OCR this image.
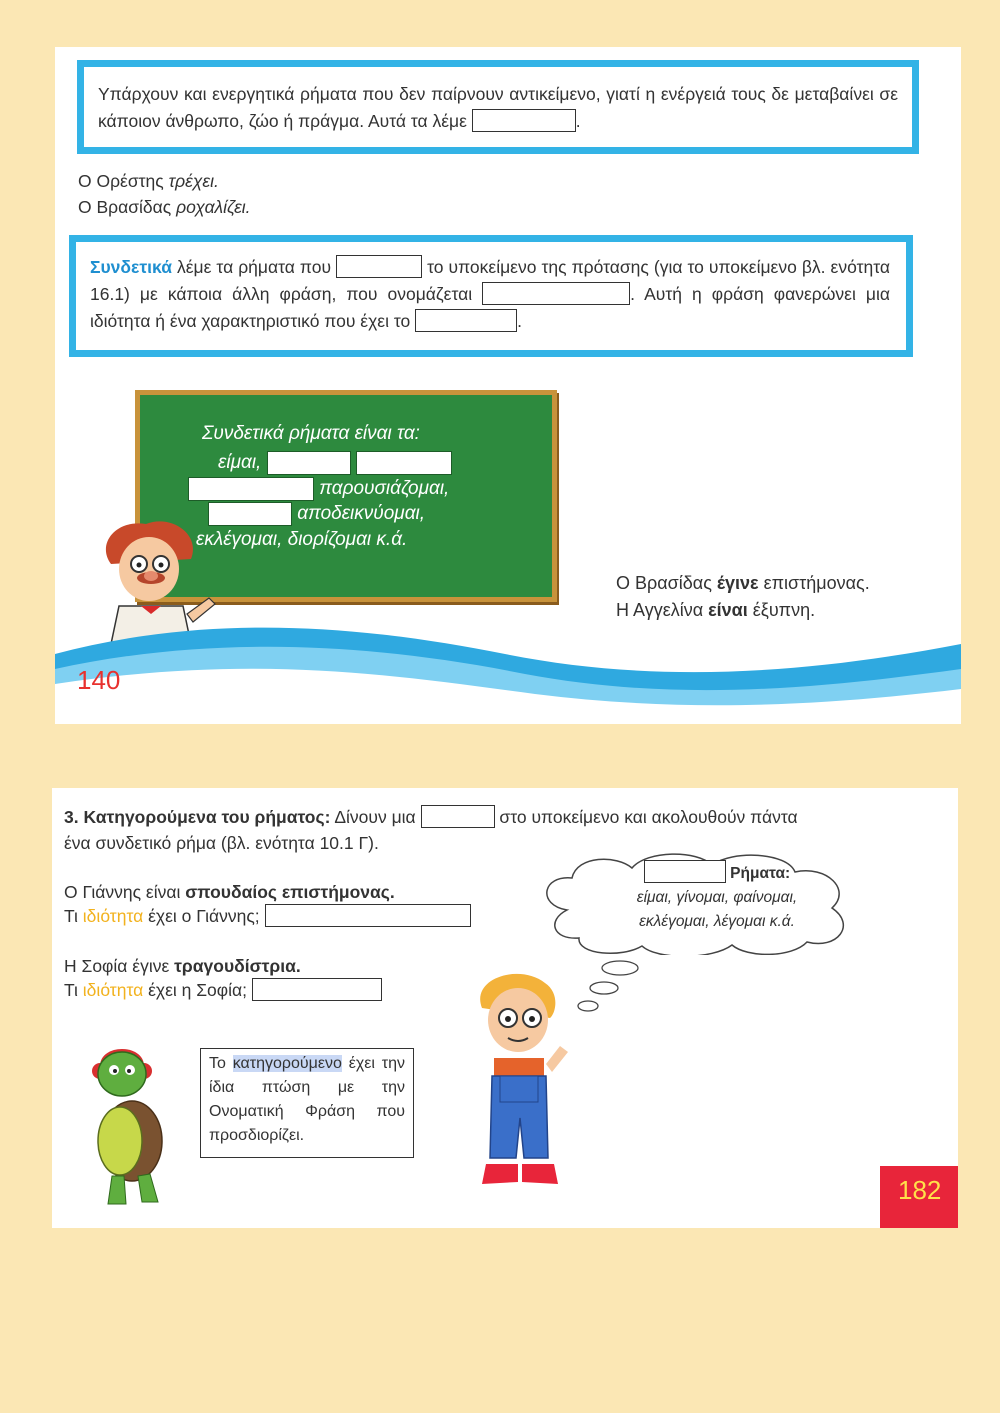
Υπάρχουν και ενεργητικά ρήματα που δεν παίρνουν αντικείμενο, γιατί η ενέργειά τους δε μεταβαίνει σε κάποιον άνθρωπο, ζώο ή πράγμα. Αυτά τα λέμε	.
Ο Ορέστης τρέχει.
Ο Βρασίδας ροχαλίζει.
Συνδετικά λέμε τα ρήματα που	το υποκείμενο της πρότασης (για το υποκείμενο βλ. ενότητα 16.1) με κάποια άλλη φράση, που ονομάζεται	. Αυτή η φράση φανερώνει μια ιδιότητα ή ένα χαρακτηριστικό που έχει το	.
Συνδετικά ρήματα είναι τα:
είμαι,
παρουσιάζομαι,
αποδεικνύομαι,
εκλέγομαι, διορίζομαι κ.ά.
140
Ο Βρασίδας έγινε επιστήμονας.
Η Αγγελίνα είναι έξυπνη.
3. Κατηγορούμενα του ρήματος: Δίνουν μια	στο υποκείμενο και ακολουθούν πάντα
ένα συνδετικό ρήμα (βλ. ενότητα 10.1 Γ).
Ο Γιάννης είναι σπουδαίος επιστήμονας.
Τι ιδιότητα έχει ο Γιάννης;
Η Σοφία έγινε τραγουδίστρια.
Τι ιδιότητα έχει η Σοφία;
Ρήματα:
είμαι, γίνομαι, φαίνομαι,
εκλέγομαι, λέγομαι κ.ά.
Το κατηγορούμενο έχει την ίδια πτώση με την Ονοματική Φράση που προσδιορίζει.
182
